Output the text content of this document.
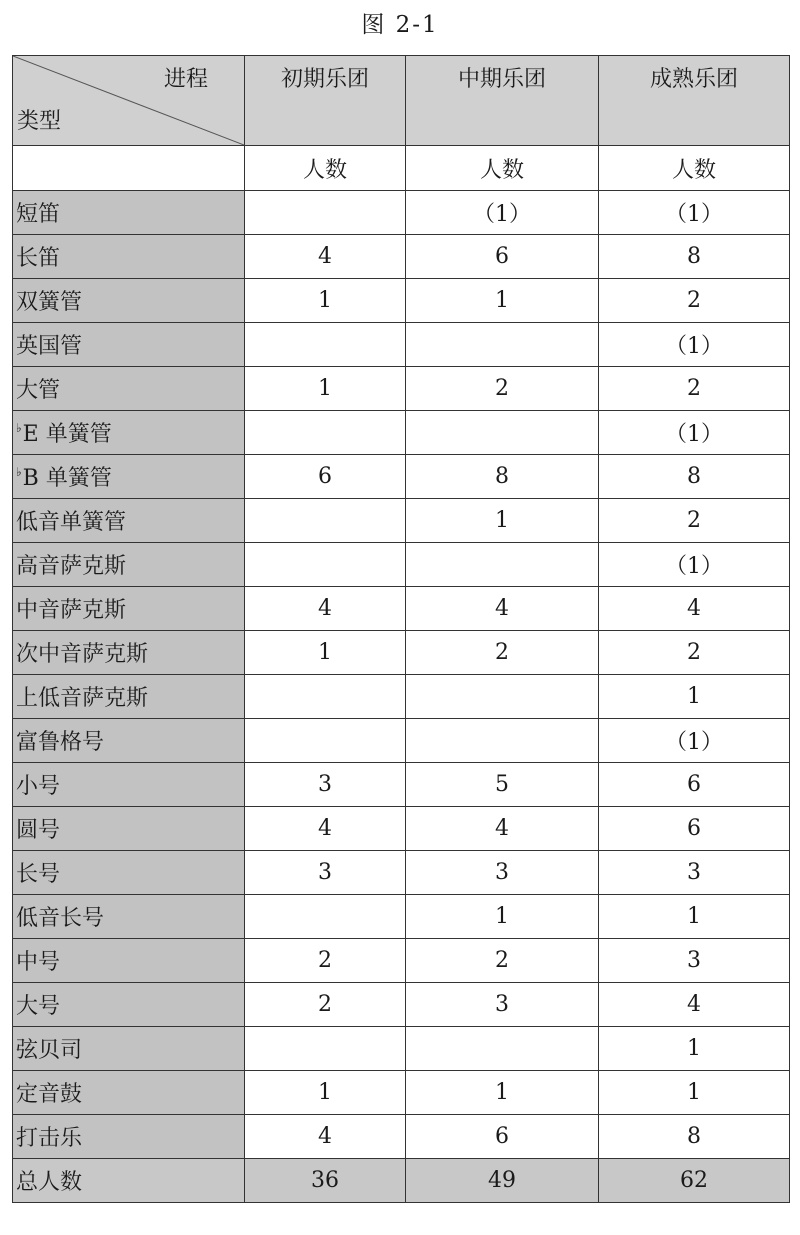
图 2-1
进程
类型	初期乐团	中期乐团	成熟乐团
	人数	人数	人数
短笛		（1）	（1）
长笛	4	6	8
双簧管	1	1	2
英国管			（1）
大管	1	2	2
♭E 单簧管			（1）
♭B 单簧管	6	8	8
低音单簧管		1	2
高音萨克斯			（1）
中音萨克斯	4	4	4
次中音萨克斯	1	2	2
上低音萨克斯			1
富鲁格号			（1）
小号	3	5	6
圆号	4	4	6
长号	3	3	3
低音长号		1	1
中号	2	2	3
大号	2	3	4
弦贝司			1
定音鼓	1	1	1
打击乐	4	6	8
总人数	36	49	62
